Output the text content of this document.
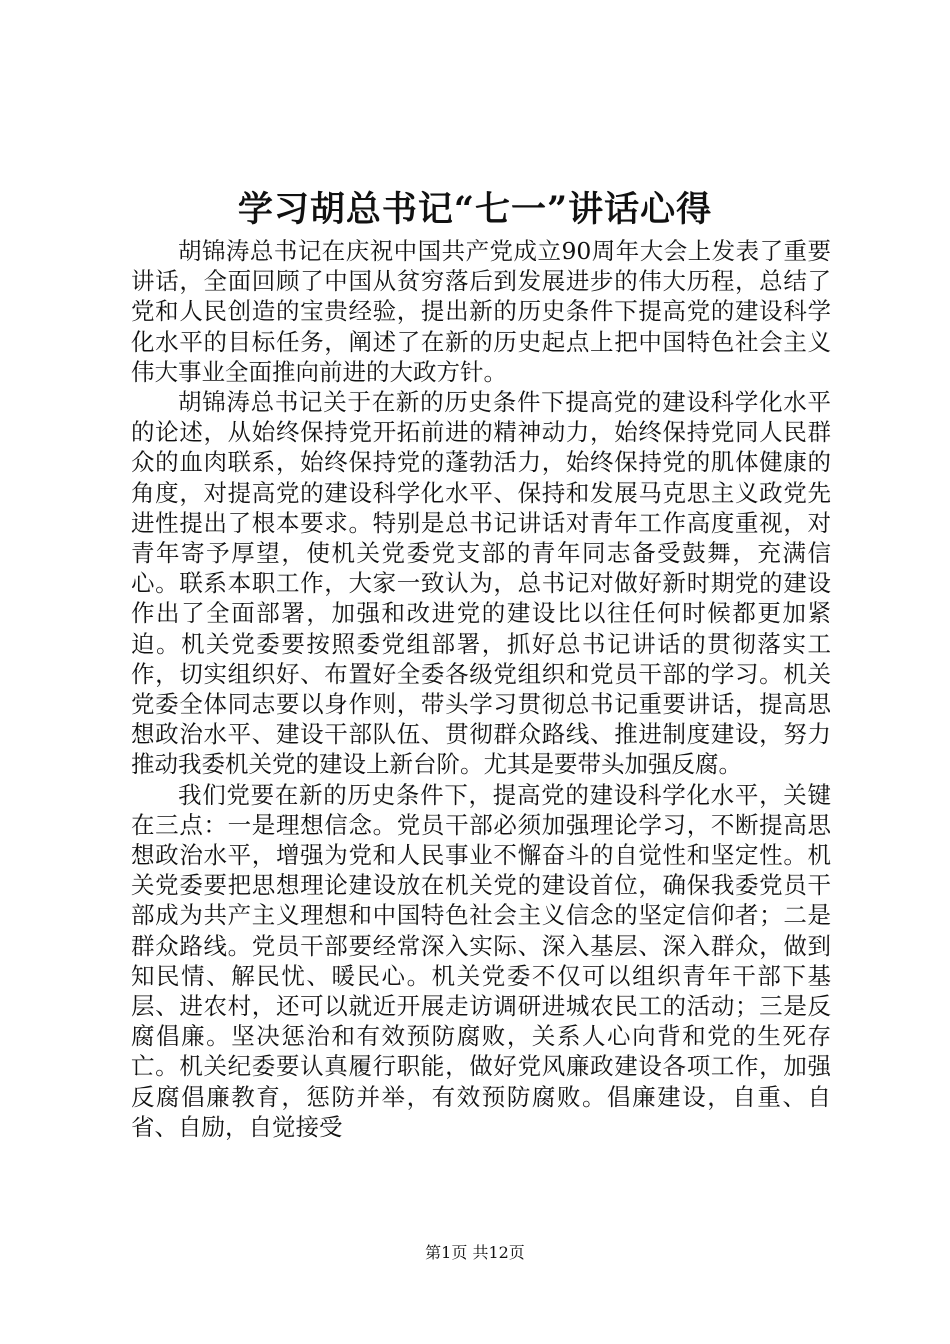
学习胡总书记“七一”讲话心得

胡锦涛总书记在庆祝中国共产党成立90周年大会上发表了重要讲话，全面回顾了中国从贫穷落后到发展进步的伟大历程，总结了党和人民创造的宝贵经验，提出新的历史条件下提高党的建设科学化水平的目标任务，阐述了在新的历史起点上把中国特色社会主义伟大事业全面推向前进的大政方针。

胡锦涛总书记关于在新的历史条件下提高党的建设科学化水平的论述，从始终保持党开拓前进的精神动力，始终保持党同人民群众的血肉联系，始终保持党的蓬勃活力，始终保持党的肌体健康的角度，对提高党的建设科学化水平、保持和发展马克思主义政党先进性提出了根本要求。特别是总书记讲话对青年工作高度重视，对青年寄予厚望，使机关党委党支部的青年同志备受鼓舞，充满信心。联系本职工作，大家一致认为，总书记对做好新时期党的建设作出了全面部署，加强和改进党的建设比以往任何时候都更加紧迫。机关党委要按照委党组部署，抓好总书记讲话的贯彻落实工作，切实组织好、布置好全委各级党组织和党员干部的学习。机关党委全体同志要以身作则，带头学习贯彻总书记重要讲话，提高思想政治水平、建设干部队伍、贯彻群众路线、推进制度建设，努力推动我委机关党的建设上新台阶。尤其是要带头加强反腐。

我们党要在新的历史条件下，提高党的建设科学化水平，关键在三点：一是理想信念。党员干部必须加强理论学习，不断提高思想政治水平，增强为党和人民事业不懈奋斗的自觉性和坚定性。机关党委要把思想理论建设放在机关党的建设首位，确保我委党员干部成为共产主义理想和中国特色社会主义信念的坚定信仰者；二是群众路线。党员干部要经常深入实际、深入基层、深入群众，做到知民情、解民忧、暖民心。机关党委不仅可以组织青年干部下基层、进农村，还可以就近开展走访调研进城农民工的活动；三是反腐倡廉。坚决惩治和有效预防腐败，关系人心向背和党的生死存亡。机关纪委要认真履行职能，做好党风廉政建设各项工作，加强反腐倡廉教育，惩防并举，有效预防腐败。倡廉建设，自重、自省、自励，自觉接受

第1页 共12页
